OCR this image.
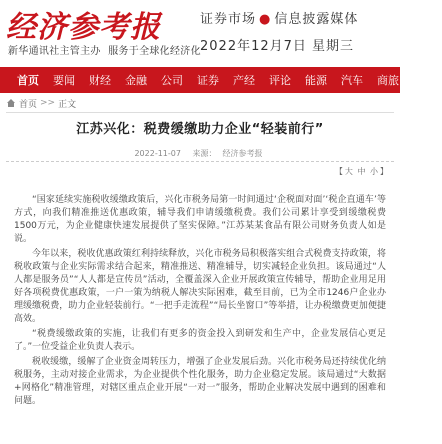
经济参考报
新华通讯社主管主办 服务于全球化经济化
证券市场 ● 信息披露媒体
2022年12月7日 星期三
首页	要闻	财经	金融	公司	证券	产经	评论	能源	汽车	商旅	健康
首页 >> 正文
江苏兴化：税费缓缴助力企业“轻装前行”
2022-11-07 来源： 经济参考报
【 大 中 小 】

“国家延续实施税收缓缴政策后，兴化市税务局第一时间通过‘企税面对面’‘税企直通车’等方式，向我们精准推送优惠政策，辅导我们申请缓缴税费。我们公司累计享受到缓缴税费1500万元，为企业健康快速发展提供了坚实保障。”江苏某某食品有限公司财务负责人如是说。

今年以来，税收优惠政策红利持续释放，兴化市税务局积极落实组合式税费支持政策，将税收政策与企业实际需求结合起来，精准推送、精准辅导，切实减轻企业负担。该局通过“人人都是服务员”“人人都是宣传员”活动，全覆盖深入企业开展政策宣传辅导，帮助企业用足用好各项税费优惠政策，一户一策为纳税人解决实际困难，截至目前，已为全市1246户企业办理缓缴税费，助力企业轻装前行。“一把手走流程”“局长坐窗口”等举措，让办税缴费更加便捷高效。

“税费缓缴政策的实施，让我们有更多的资金投入到研发和生产中，企业发展信心更足了。”一位受益企业负责人表示。

税收缓缴，缓解了企业资金周转压力，增强了企业发展后劲。兴化市税务局还持续优化纳税服务，主动对接企业需求，为企业提供个性化服务，助力企业稳定发展。该局通过“大数据+网格化”精准管理，对辖区重点企业开展“一对一”服务，帮助企业解决发展中遇到的困难和问题。
